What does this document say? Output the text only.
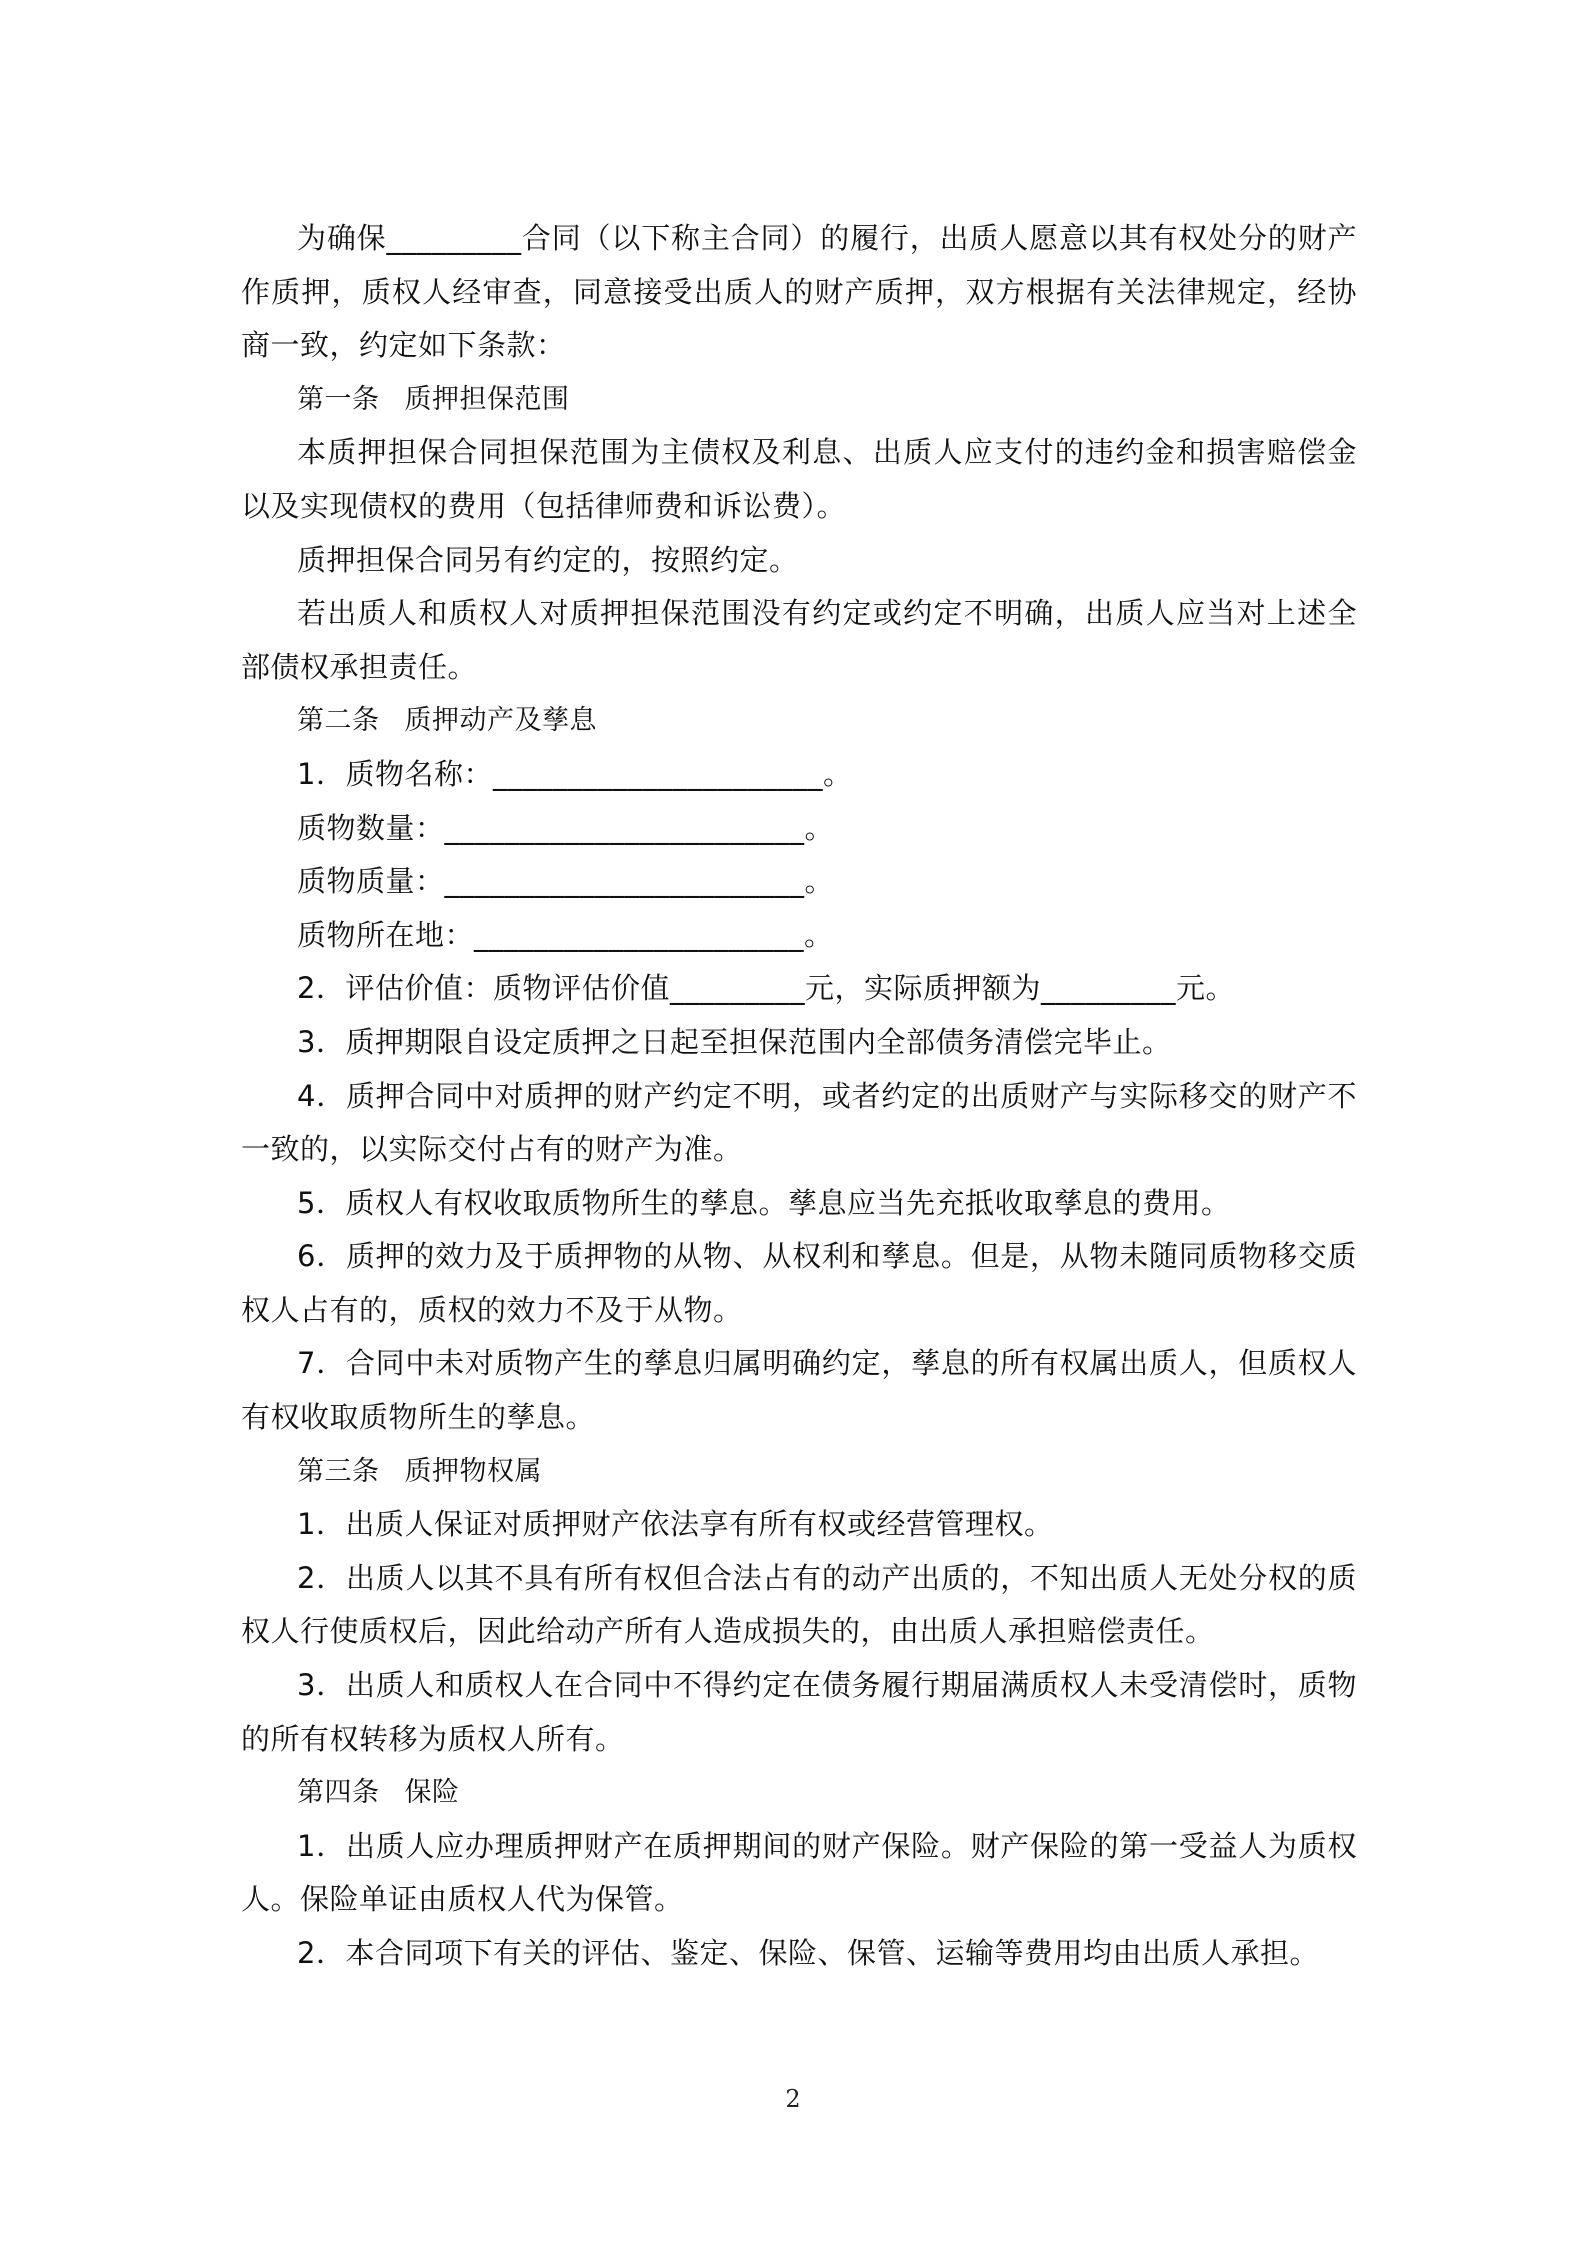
为确保_________合同（以下称主合同）的履行，出质人愿意以其有权处分的财产作质押，质权人经审查，同意接受出质人的财产质押，双方根据有关法律规定，经协商一致，约定如下条款：

第一条 质押担保范围

本质押担保合同担保范围为主债权及利息、出质人应支付的违约金和损害赔偿金以及实现债权的费用（包括律师费和诉讼费）。

质押担保合同另有约定的，按照约定。

若出质人和质权人对质押担保范围没有约定或约定不明确，出质人应当对上述全部债权承担责任。

第二条 质押动产及孳息

1．质物名称：______________________。

质物数量：________________________。

质物质量：________________________。

质物所在地：______________________。

2．评估价值：质物评估价值_________元，实际质押额为_________元。

3．质押期限自设定质押之日起至担保范围内全部债务清偿完毕止。

4．质押合同中对质押的财产约定不明，或者约定的出质财产与实际移交的财产不一致的，以实际交付占有的财产为准。

5．质权人有权收取质物所生的孳息。孳息应当先充抵收取孳息的费用。

6．质押的效力及于质押物的从物、从权利和孳息。但是，从物未随同质物移交质权人占有的，质权的效力不及于从物。

7．合同中未对质物产生的孳息归属明确约定，孳息的所有权属出质人，但质权人有权收取质物所生的孳息。

第三条 质押物权属

1．出质人保证对质押财产依法享有所有权或经营管理权。

2．出质人以其不具有所有权但合法占有的动产出质的，不知出质人无处分权的质权人行使质权后，因此给动产所有人造成损失的，由出质人承担赔偿责任。

3．出质人和质权人在合同中不得约定在债务履行期届满质权人未受清偿时，质物的所有权转移为质权人所有。

第四条 保险

1．出质人应办理质押财产在质押期间的财产保险。财产保险的第一受益人为质权人。保险单证由质权人代为保管。

2．本合同项下有关的评估、鉴定、保险、保管、运输等费用均由出质人承担。

2
